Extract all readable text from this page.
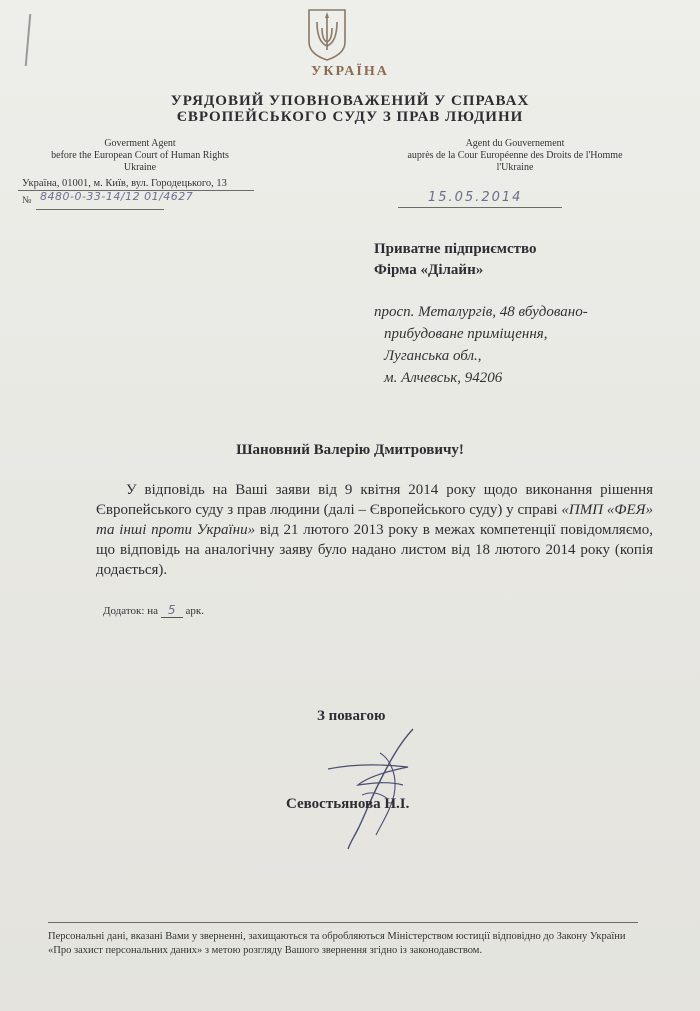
УКРАЇНА
УРЯДОВИЙ УПОВНОВАЖЕНИЙ У СПРАВАХ
ЄВРОПЕЙСЬКОГО СУДУ З ПРАВ ЛЮДИНИ
Goverment Agent
before the European Court of Human Rights
Ukraine
Agent du Gouvernement
auprès de la Cour Européenne des Droits de l'Homme
l'Ukraine
Україна, 01001, м. Київ, вул. Городецького, 13
№ 8480-0-33-14/12 01/4627	15.05.2014
Приватне підприємство
Фірма «Ділайн»
просп. Металургів, 48 вбудовано-
прибудоване приміщення,
Луганська обл.,
м. Алчевськ, 94206
Шановний Валерію Дмитровичу!
У відповідь на Ваші заяви від 9 квітня 2014 року щодо виконання рішення Європейського суду з прав людини (далі – Європейського суду) у справі «ПМП «ФЕЯ» та інші проти України» від 21 лютого 2013 року в межах компетенції повідомляємо, що відповідь на аналогічну заяву було надано листом від 18 лютого 2014 року (копія додається).
Додаток: на 5 арк.
З повагою
Севостьянова Н.І.
Персональні дані, вказані Вами у зверненні, захищаються та обробляються Міністерством юстиції відповідно до Закону України «Про захист персональних даних» з метою розгляду Вашого звернення згідно із законодавством.
